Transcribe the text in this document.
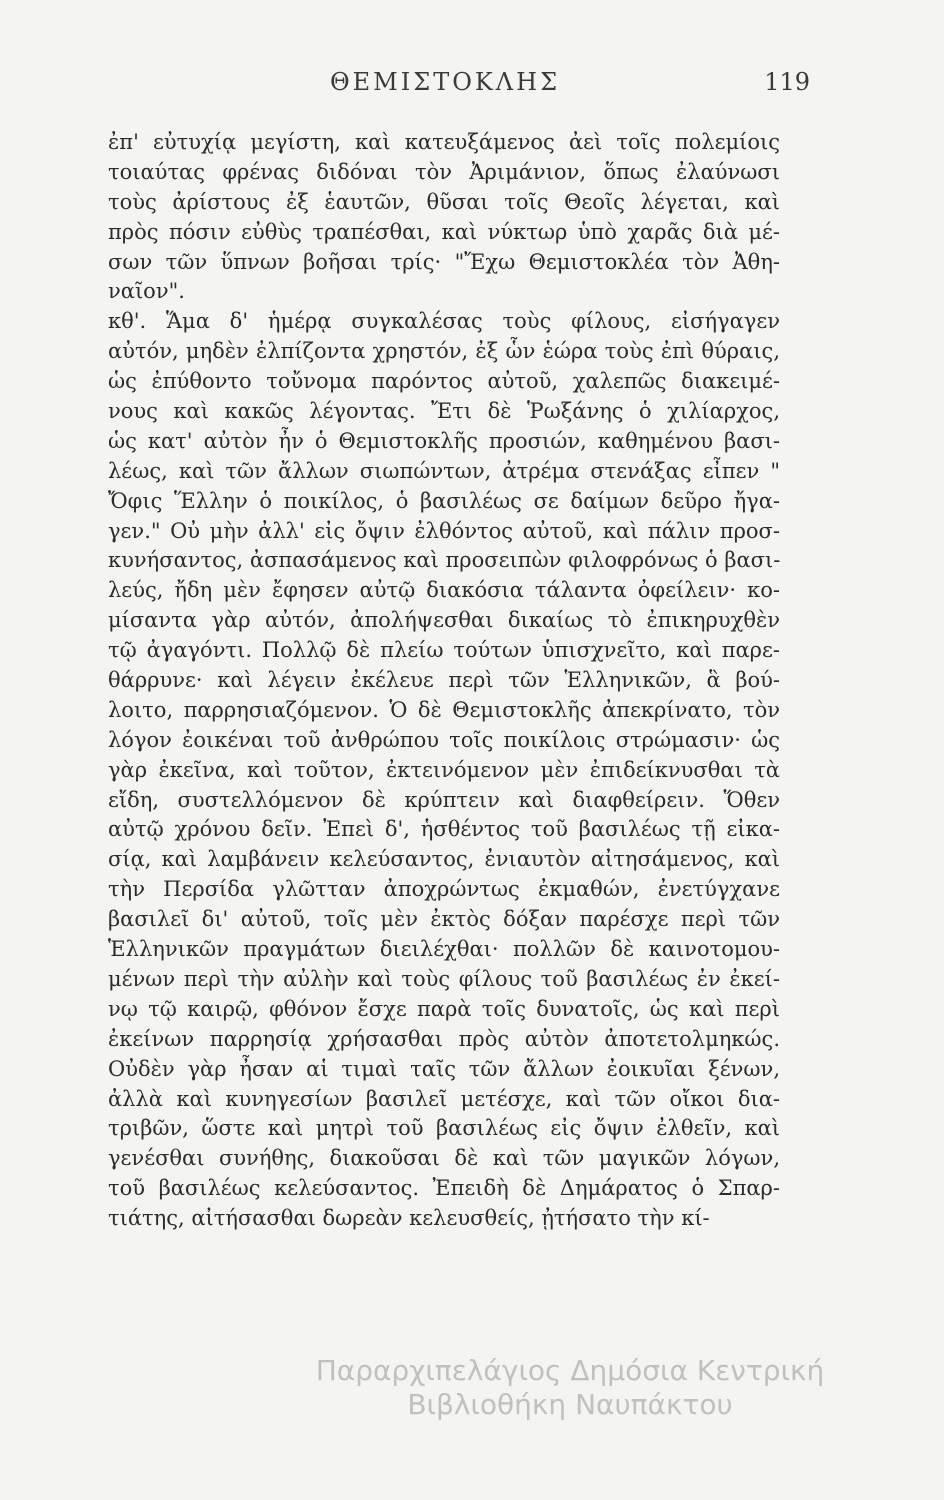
ΘΕΜΙΣΤΟΚΛΗΣ	119
ἐπ' εὐτυχίᾳ μεγίστη, καὶ κατευξάμενος ἀεὶ τοῖς πολεμίοις
τοιαύτας φρένας διδόναι τὸν Ἀριμάνιον, ὅπως ἐλαύνωσι
τοὺς ἀρίστους ἐξ ἑαυτῶν, θῦσαι τοῖς Θεοῖς λέγεται, καὶ
πρὸς πόσιν εὐθὺς τραπέσθαι, καὶ νύκτωρ ὑπὸ χαρᾶς διὰ μέ-
σων τῶν ὕπνων βοῆσαι τρίς· "Ἔχω Θεμιστοκλέα τὸν Ἀθη-
ναῖον".
κθ'. Ἅμα δ' ἡμέρᾳ συγκαλέσας τοὺς φίλους, εἰσήγαγεν
αὐτόν, μηδὲν ἐλπίζοντα χρηστόν, ἐξ ὧν ἑώρα τοὺς ἐπὶ θύραις,
ὡς ἐπύθοντο τοὔνομα παρόντος αὐτοῦ, χαλεπῶς διακειμέ-
νους καὶ κακῶς λέγοντας. Ἔτι δὲ Ῥωξάνης ὁ χιλίαρχος,
ὡς κατ' αὐτὸν ἦν ὁ Θεμιστοκλῆς προσιών, καθημένου βασι-
λέως, καὶ τῶν ἄλλων σιωπώντων, ἀτρέμα στενάξας εἶπεν "
Ὄφις Ἕλλην ὁ ποικίλος, ὁ βασιλέως σε δαίμων δεῦρο ἤγα-
γεν." Οὐ μὴν ἀλλ' εἰς ὄψιν ἐλθόντος αὐτοῦ, καὶ πάλιν προσ-
κυνήσαντος, ἀσπασάμενος καὶ προσειπὼν φιλοφρόνως ὁ βασι-
λεύς, ἤδη μὲν ἔφησεν αὐτῷ διακόσια τάλαντα ὀφείλειν· κο-
μίσαντα γὰρ αὐτόν, ἀπολήψεσθαι δικαίως τὸ ἐπικηρυχθὲν
τῷ ἀγαγόντι. Πολλῷ δὲ πλείω τούτων ὑπισχνεῖτο, καὶ παρε-
θάρρυνε· καὶ λέγειν ἐκέλευε περὶ τῶν Ἑλληνικῶν, ἃ βού-
λοιτο, παρρησιαζόμενον. Ὁ δὲ Θεμιστοκλῆς ἀπεκρίνατο, τὸν
λόγον ἐοικέναι τοῦ ἀνθρώπου τοῖς ποικίλοις στρώμασιν· ὡς
γὰρ ἐκεῖνα, καὶ τοῦτον, ἐκτεινόμενον μὲν ἐπιδείκνυσθαι τὰ
εἴδη, συστελλόμενον δὲ κρύπτειν καὶ διαφθείρειν. Ὅθεν
αὐτῷ χρόνου δεῖν. Ἐπεὶ δ', ἡσθέντος τοῦ βασιλέως τῇ εἰκα-
σίᾳ, καὶ λαμβάνειν κελεύσαντος, ἐνιαυτὸν αἰτησάμενος, καὶ
τὴν Περσίδα γλῶτταν ἀποχρώντως ἐκμαθών, ἐνετύγχανε
βασιλεῖ δι' αὐτοῦ, τοῖς μὲν ἐκτὸς δόξαν παρέσχε περὶ τῶν
Ἑλληνικῶν πραγμάτων διειλέχθαι· πολλῶν δὲ καινοτομου-
μένων περὶ τὴν αὐλὴν καὶ τοὺς φίλους τοῦ βασιλέως ἐν ἐκεί-
νῳ τῷ καιρῷ, φθόνον ἔσχε παρὰ τοῖς δυνατοῖς, ὡς καὶ περὶ
ἐκείνων παρρησίᾳ χρήσασθαι πρὸς αὐτὸν ἀποτετολμηκώς.
Οὐδὲν γὰρ ἦσαν αἱ τιμαὶ ταῖς τῶν ἄλλων ἐοικυῖαι ξένων,
ἀλλὰ καὶ κυνηγεσίων βασιλεῖ μετέσχε, καὶ τῶν οἴκοι δια-
τριβῶν, ὥστε καὶ μητρὶ τοῦ βασιλέως εἰς ὄψιν ἐλθεῖν, καὶ
γενέσθαι συνήθης, διακοῦσαι δὲ καὶ τῶν μαγικῶν λόγων,
τοῦ βασιλέως κελεύσαντος. Ἐπειδὴ δὲ Δημάρατος ὁ Σπαρ-
τιάτης, αἰτήσασθαι δωρεὰν κελευσθείς, ᾐτήσατο τὴν κί-
Παραρχιπελάγιος Δημόσια Κεντρική
Βιβλιοθήκη Ναυπάκτου
